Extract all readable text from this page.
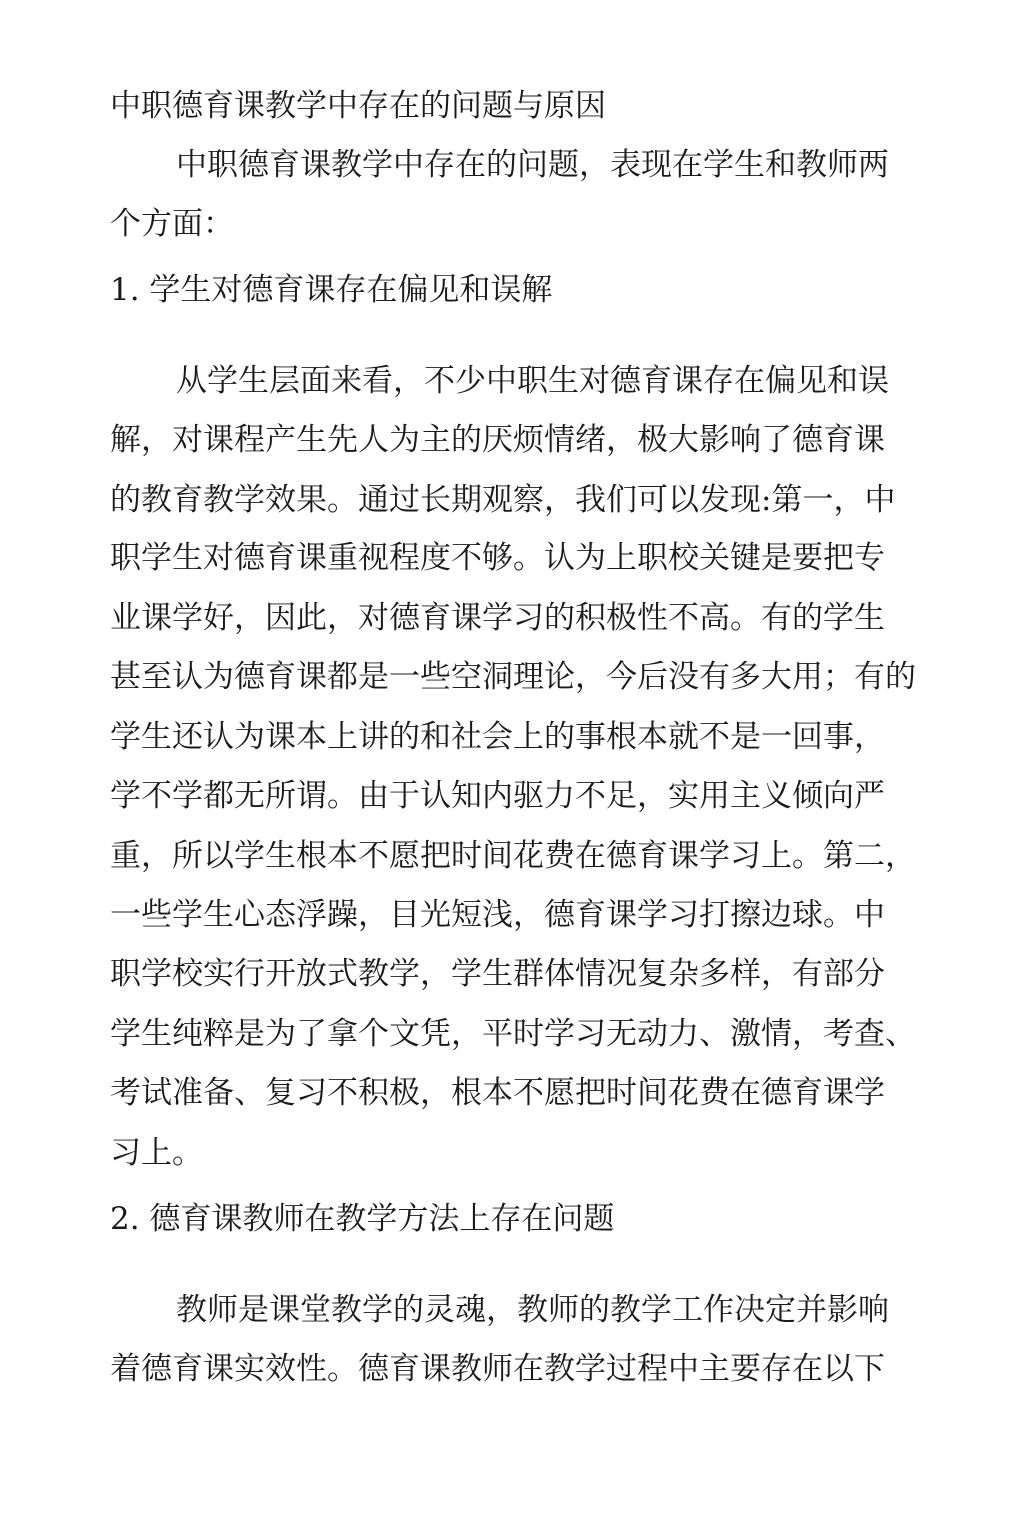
中职德育课教学中存在的问题与原因
中职德育课教学中存在的问题，表现在学生和教师两
个方面：
1. 学生对德育课存在偏见和误解
从学生层面来看，不少中职生对德育课存在偏见和误
解，对课程产生先人为主的厌烦情绪，极大影响了德育课
的教育教学效果。通过长期观察，我们可以发现:第一，中
职学生对德育课重视程度不够。认为上职校关键是要把专
业课学好，因此，对德育课学习的积极性不高。有的学生
甚至认为德育课都是一些空洞理论，今后没有多大用；有的
学生还认为课本上讲的和社会上的事根本就不是一回事，
学不学都无所谓。由于认知内驱力不足，实用主义倾向严
重，所以学生根本不愿把时间花费在德育课学习上。第二，
一些学生心态浮躁，目光短浅，德育课学习打擦边球。中
职学校实行开放式教学，学生群体情况复杂多样，有部分
学生纯粹是为了拿个文凭，平时学习无动力、激情，考查、
考试准备、复习不积极，根本不愿把时间花费在德育课学
习上。
2. 德育课教师在教学方法上存在问题
教师是课堂教学的灵魂，教师的教学工作决定并影响
着德育课实效性。德育课教师在教学过程中主要存在以下
